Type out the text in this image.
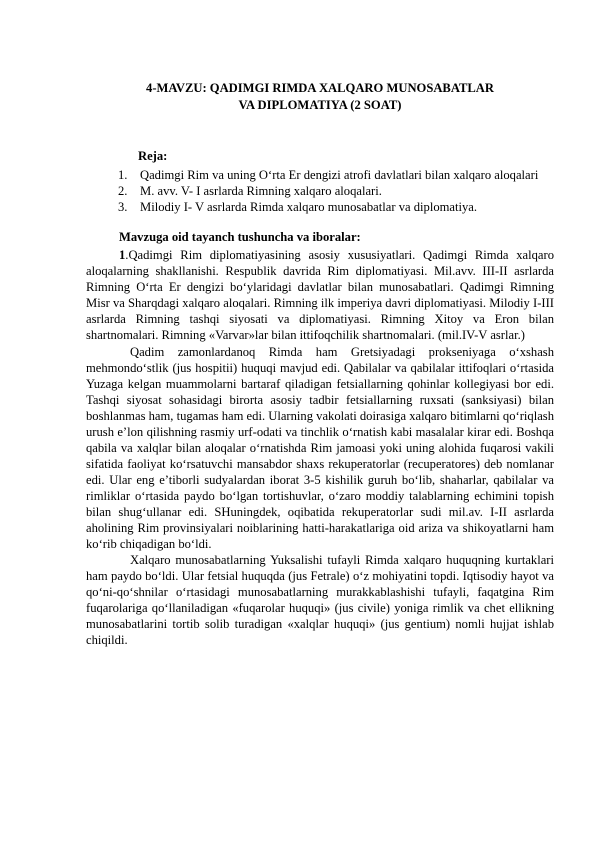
4-MAVZU: QADIMGI RIMDA XALQARO MUNOSABATLAR
VA DIPLOMATIYA (2 SOAT)
Reja:
1. Qadimgi Rim va uning O‘rta Er dengizi atrofi davlatlari bilan xalqaro aloqalari
2. M. avv. V- I asrlarda Rimning xalqaro aloqalari.
3. Milodiy I- V asrlarda Rimda xalqaro munosabatlar va diplomatiya.
Mavzuga oid tayanch tushuncha va iboralar:

1.Qadimgi Rim diplomatiyasining asosiy xususiyatlari. Qadimgi Rimda xalqaro aloqalarning shakllanishi. Respublik davrida Rim diplomatiyasi. Mil.avv. III-II asrlarda Rimning O‘rta Er dengizi bo‘ylaridagi davlatlar bilan munosabatlari. Qadimgi Rimning Misr va Sharqdagi xalqaro aloqalari. Rimning ilk imperiya davri diplomatiyasi. Milodiy I-III asrlarda Rimning tashqi siyosati va diplomatiyasi. Rimning Xitoy va Eron bilan shartnomalari. Rimning «Varvar»lar bilan ittifoqchilik shartnomalari. (mil.IV-V asrlar.)

Qadim zamonlardanoq Rimda ham Gretsiyadagi prokseniyaga o‘xshash mehmondo‘stlik (jus hospitii) huquqi mavjud edi. Qabilalar va qabilalar ittifoqlari o‘rtasida Yuzaga kelgan muammolarni bartaraf qiladigan fetsiallarning qohinlar kollegiyasi bor edi. Tashqi siyosat sohasidagi birorta asosiy tadbir fetsiallarning ruxsati (sanksiyasi) bilan boshlanmas ham, tugamas ham edi. Ularning vakolati doirasiga xalqaro bitimlarni qo‘riqlash urush e’lon qilishning rasmiy urf-odati va tinchlik o‘rnatish kabi masalalar kirar edi. Boshqa qabila va xalqlar bilan aloqalar o‘rnatishda Rim jamoasi yoki uning alohida fuqarosi vakili sifatida faoliyat ko‘rsatuvchi mansabdor shaxs rekuperatorlar (recuperatores) deb nomlanar edi. Ular eng e’tiborli sudyalardan iborat 3-5 kishilik guruh bo‘lib, shaharlar, qabilalar va rimliklar o‘rtasida paydo bo‘lgan tortishuvlar, o‘zaro moddiy talablarning echimini topish bilan shug‘ullanar edi. SHuningdek, oqibatida rekuperatorlar sudi mil.av. I-II asrlarda aholining Rim provinsiyalari noiblarining hatti-harakatlariga oid ariza va shikoyatlarni ham ko‘rib chiqadigan bo‘ldi.

Xalqaro munosabatlarning Yuksalishi tufayli Rimda xalqaro huquqning kurtaklari ham paydo bo‘ldi. Ular fetsial huquqda (jus Fetrale) o‘z mohiyatini topdi. Iqtisodiy hayot va qo‘ni-qo‘shnilar o‘rtasidagi munosabatlarning murakkablashishi tufayli, faqatgina Rim fuqarolariga qo‘llaniladigan «fuqarolar huquqi» (jus civile) yoniga rimlik va chet ellikning munosabatlarini tortib solib turadigan «xalqlar huquqi» (jus gentium) nomli hujjat ishlab chiqildi.
